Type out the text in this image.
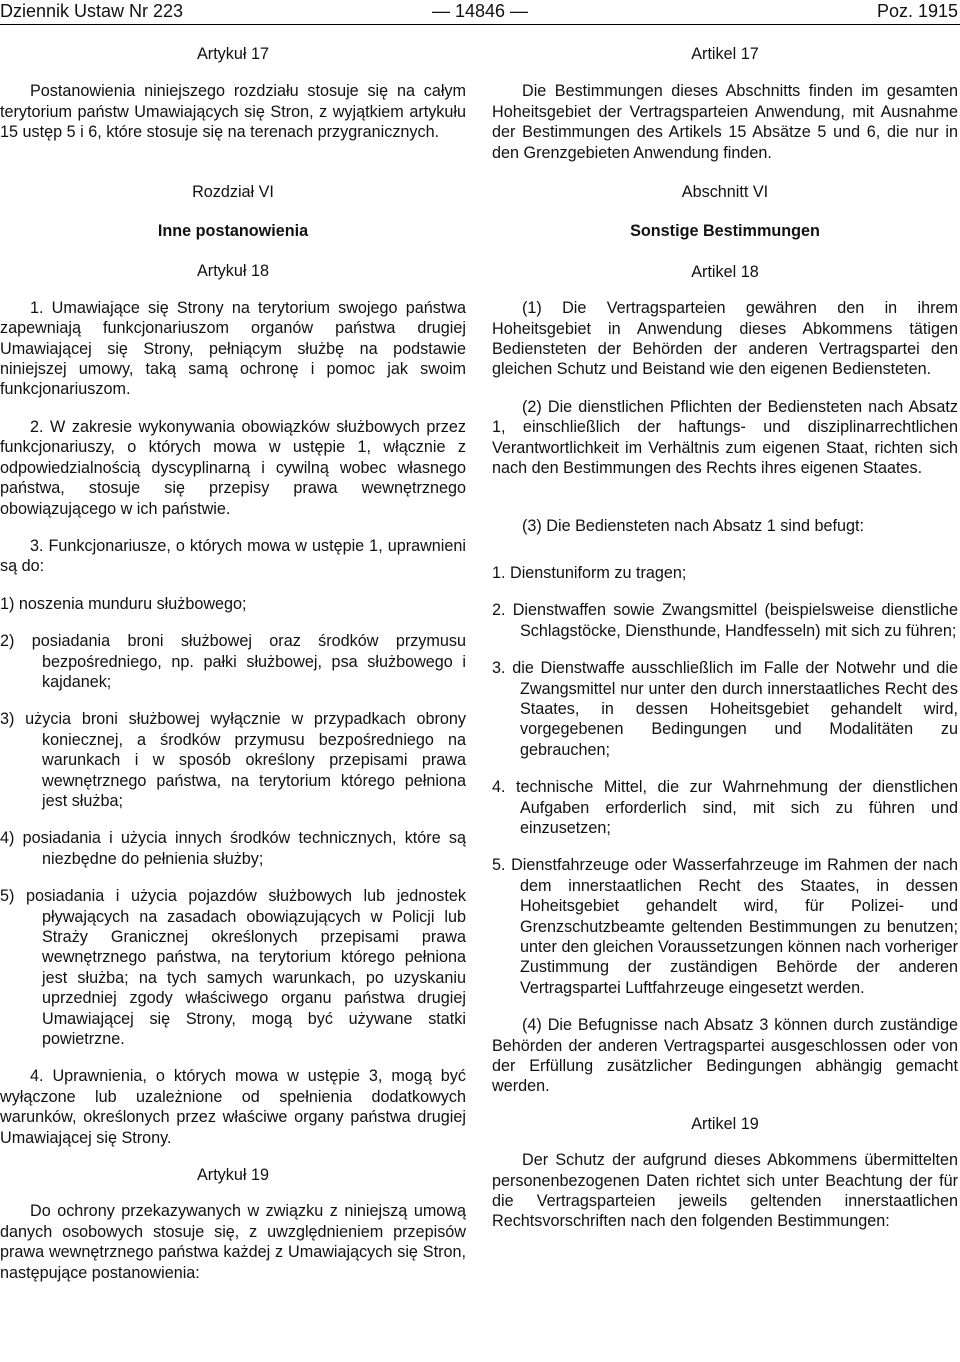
Dziennik Ustaw Nr 223	— 14846 —	Poz. 1915

Artykuł 17

Postanowienia niniejszego rozdziału stosuje się na całym terytorium państw Umawiających się Stron, z wyjątkiem artykułu 15 ustęp 5 i 6, które stosuje się na terenach przygranicznych.

Rozdział VI

Inne postanowienia

Artykuł 18

1. Umawiające się Strony na terytorium swojego państwa zapewniają funkcjonariuszom organów państwa drugiej Umawiającej się Strony, pełniącym służbę na podstawie niniejszej umowy, taką samą ochronę i pomoc jak swoim funkcjonariuszom.

2. W zakresie wykonywania obowiązków służbowych przez funkcjonariuszy, o których mowa w ustępie 1, włącznie z odpowiedzialnością dyscyplinarną i cywilną wobec własnego państwa, stosuje się przepisy prawa wewnętrznego obowiązującego w ich państwie.

3. Funkcjonariusze, o których mowa w ustępie 1, uprawnieni są do:

1) noszenia munduru służbowego;

2) posiadania broni służbowej oraz środków przymusu bezpośredniego, np. pałki służbowej, psa służbowego i kajdanek;

3) użycia broni służbowej wyłącznie w przypadkach obrony koniecznej, a środków przymusu bezpośredniego na warunkach i w sposób określony przepisami prawa wewnętrznego państwa, na terytorium którego pełniona jest służba;

4) posiadania i użycia innych środków technicznych, które są niezbędne do pełnienia służby;

5) posiadania i użycia pojazdów służbowych lub jednostek pływających na zasadach obowiązujących w Policji lub Straży Granicznej określonych przepisami prawa wewnętrznego państwa, na terytorium którego pełniona jest służba; na tych samych warunkach, po uzyskaniu uprzedniej zgody właściwego organu państwa drugiej Umawiającej się Strony, mogą być używane statki powietrzne.

4. Uprawnienia, o których mowa w ustępie 3, mogą być wyłączone lub uzależnione od spełnienia dodatkowych warunków, określonych przez właściwe organy państwa drugiej Umawiającej się Strony.

Artykuł 19

Do ochrony przekazywanych w związku z niniejszą umową danych osobowych stosuje się, z uwzględnieniem przepisów prawa wewnętrznego państwa każdej z Umawiających się Stron, następujące postanowienia:

Artikel 17

Die Bestimmungen dieses Abschnitts finden im gesamten Hoheitsgebiet der Vertragsparteien Anwendung, mit Ausnahme der Bestimmungen des Artikels 15 Absätze 5 und 6, die nur in den Grenzgebieten Anwendung finden.

Abschnitt VI

Sonstige Bestimmungen

Artikel 18

(1) Die Vertragsparteien gewähren den in ihrem Hoheitsgebiet in Anwendung dieses Abkommens tätigen Bediensteten der Behörden der anderen Vertragspartei den gleichen Schutz und Beistand wie den eigenen Bediensteten.

(2) Die dienstlichen Pflichten der Bediensteten nach Absatz 1, einschließlich der haftungs- und disziplinarrechtlichen Verantwortlichkeit im Verhältnis zum eigenen Staat, richten sich nach den Bestimmungen des Rechts ihres eigenen Staates.

(3) Die Bediensteten nach Absatz 1 sind befugt:

1. Dienstuniform zu tragen;

2. Dienstwaffen sowie Zwangsmittel (beispielsweise dienstliche Schlagstöcke, Diensthunde, Handfesseln) mit sich zu führen;

3. die Dienstwaffe ausschließlich im Falle der Notwehr und die Zwangsmittel nur unter den durch innerstaatliches Recht des Staates, in dessen Hoheitsgebiet gehandelt wird, vorgegebenen Bedingungen und Modalitäten zu gebrauchen;

4. technische Mittel, die zur Wahrnehmung der dienstlichen Aufgaben erforderlich sind, mit sich zu führen und einzusetzen;

5. Dienstfahrzeuge oder Wasserfahrzeuge im Rahmen der nach dem innerstaatlichen Recht des Staates, in dessen Hoheitsgebiet gehandelt wird, für Polizei- und Grenzschutzbeamte geltenden Bestimmungen zu benutzen; unter den gleichen Voraussetzungen können nach vorheriger Zustimmung der zuständigen Behörde der anderen Vertragspartei Luftfahrzeuge eingesetzt werden.

(4) Die Befugnisse nach Absatz 3 können durch zuständige Behörden der anderen Vertragspartei ausgeschlossen oder von der Erfüllung zusätzlicher Bedingungen abhängig gemacht werden.

Artikel 19

Der Schutz der aufgrund dieses Abkommens übermittelten personenbezogenen Daten richtet sich unter Beachtung der für die Vertragsparteien jeweils geltenden innerstaatlichen Rechtsvorschriften nach den folgenden Bestimmungen:
